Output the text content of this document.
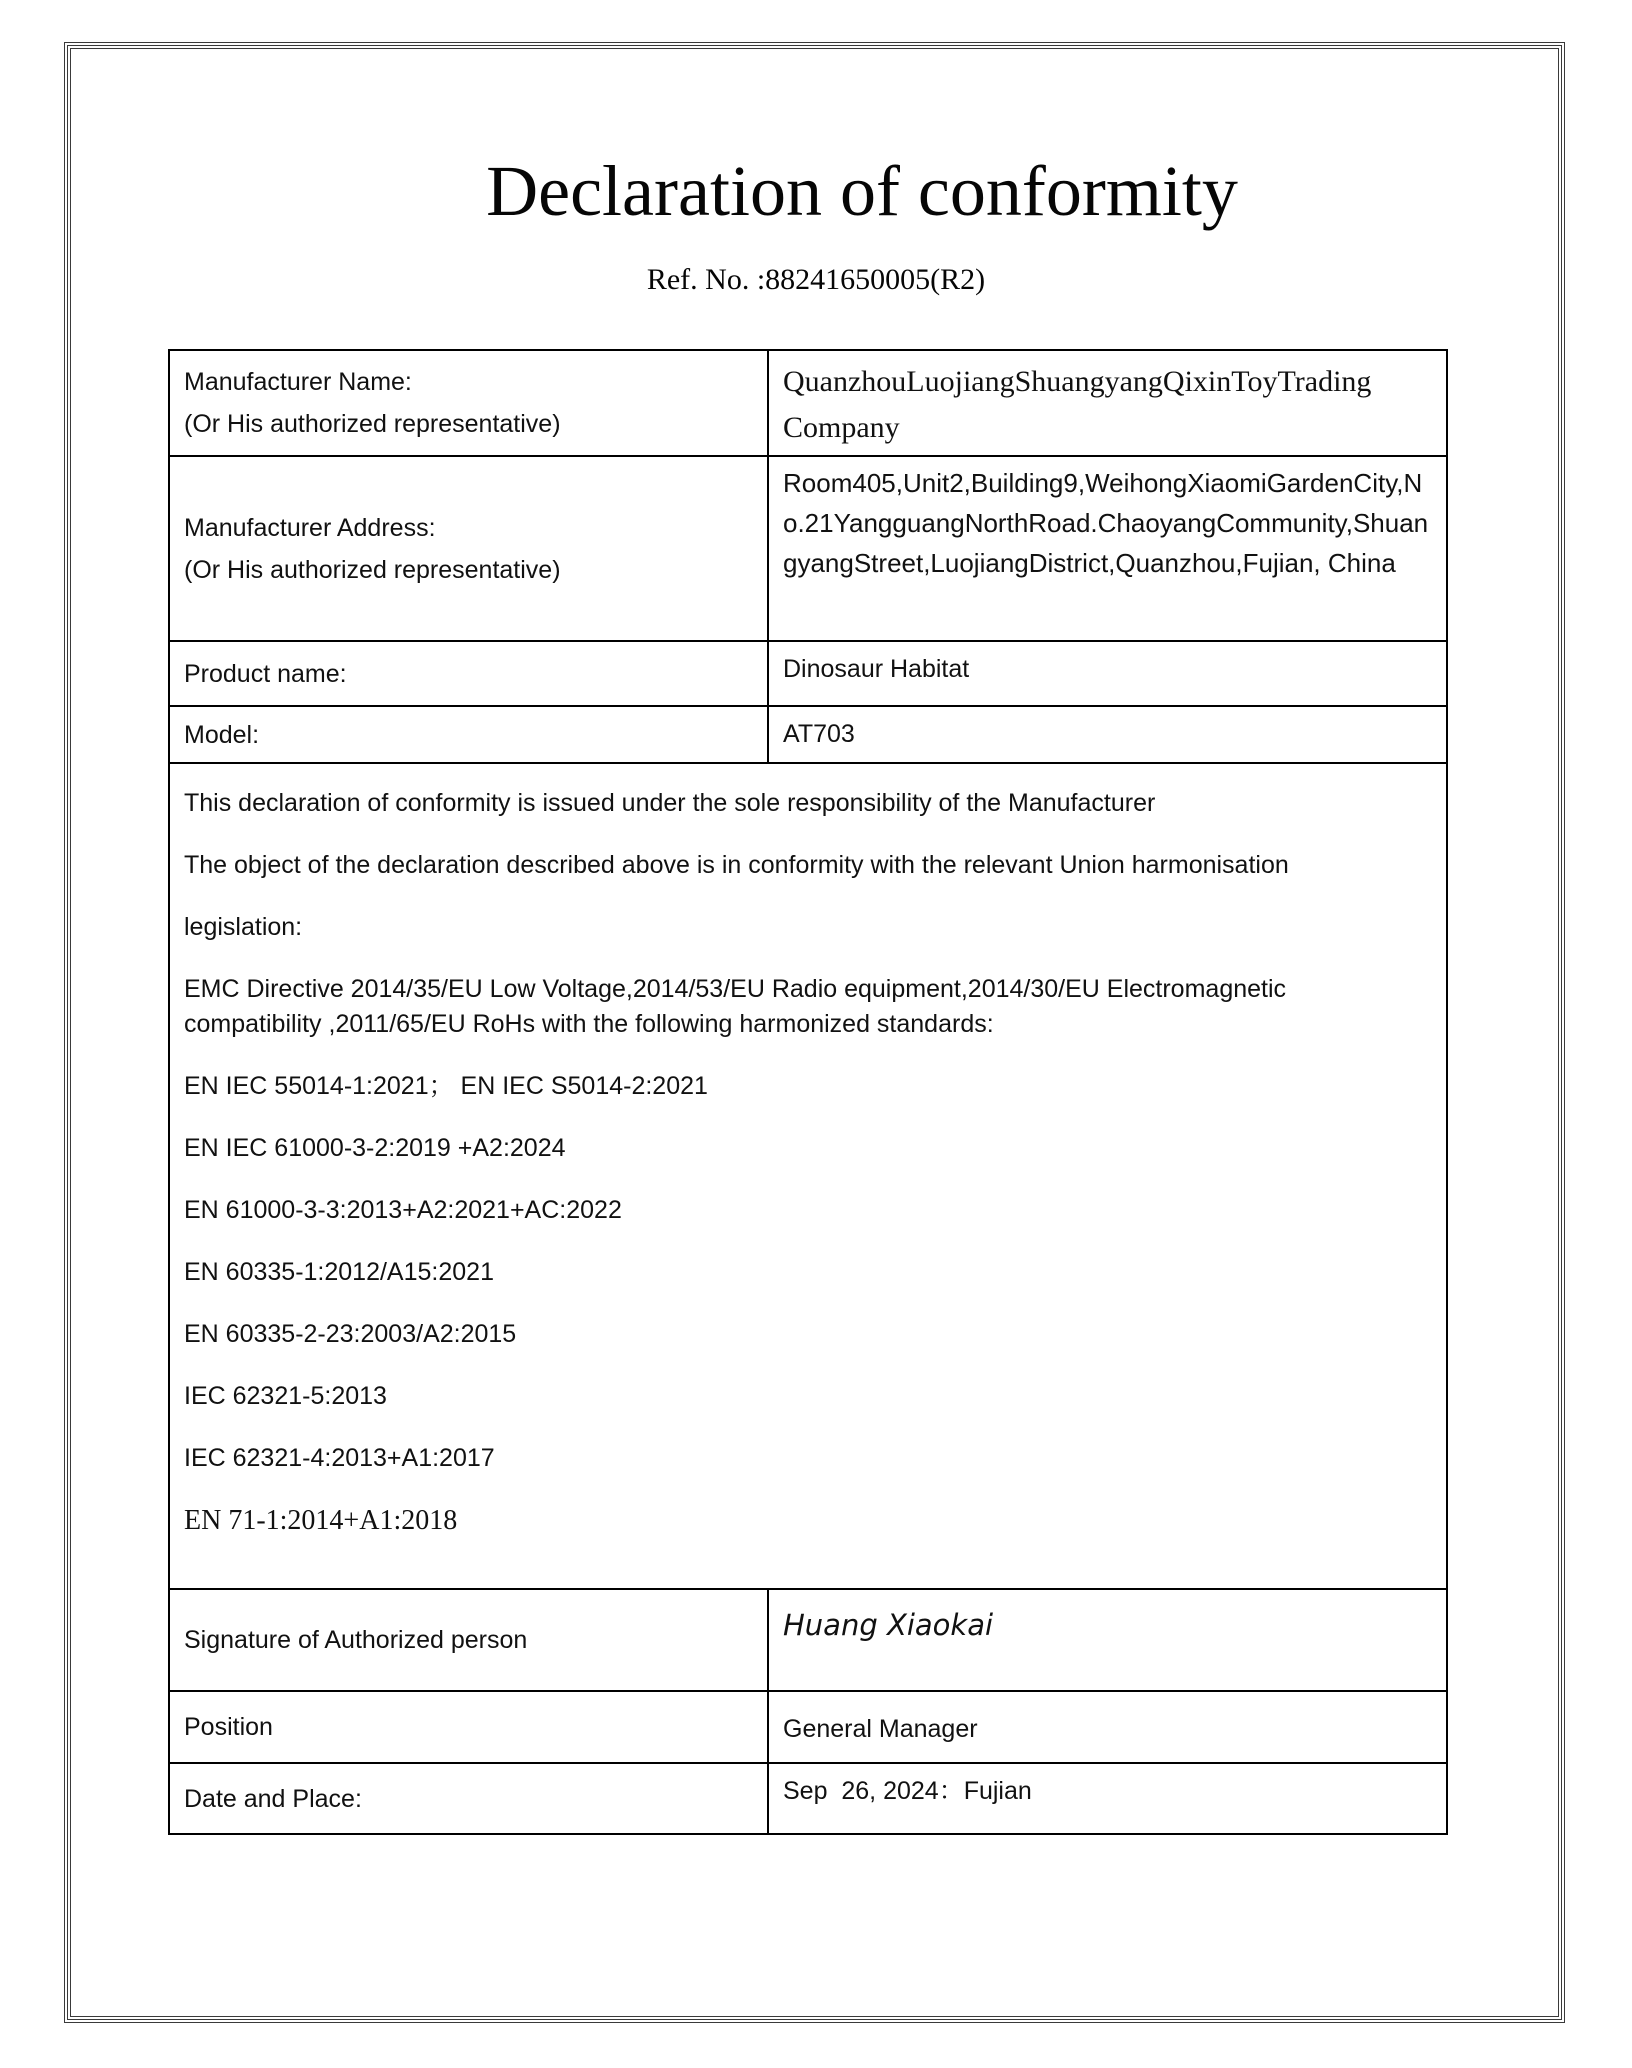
Declaration of conformity
Ref. No. :88241650005(R2)
Manufacturer Name:
(Or His authorized representative)	QuanzhouLuojiangShuangyangQixinToyTrading Company

Manufacturer Address:
(Or His authorized representative)	Room405,Unit2,Building9,WeihongXiaomiGardenCity,No.21YangguangNorthRoad.ChaoyangCommunity,ShuangyangStreet,LuojiangDistrict,Quanzhou,Fujian, China
Product name:	Dinosaur Habitat
Model:	AT703

This declaration of conformity is issued under the sole responsibility of the Manufacturer

The object of the declaration described above is in conformity with the relevant Union harmonisation

legislation:

EMC Directive 2014/35/EU Low Voltage,2014/53/EU Radio equipment,2014/30/EU Electromagnetic compatibility ,2011/65/EU RoHs with the following harmonized standards:

EN IEC 55014-1:2021； EN IEC S5014-2:2021

EN IEC 61000-3-2:2019 +A2:2024

EN 61000-3-3:2013+A2:2021+AC:2022

EN 60335-1:2012/A15:2021

EN 60335-2-23:2003/A2:2015

IEC 62321-5:2013

IEC 62321-4:2013+A1:2017

EN 71-1:2014+A1:2018

Signature of Authorized person	Huang Xiaokai
Position	General Manager
Date and Place:	Sep  26, 2024：Fujian
